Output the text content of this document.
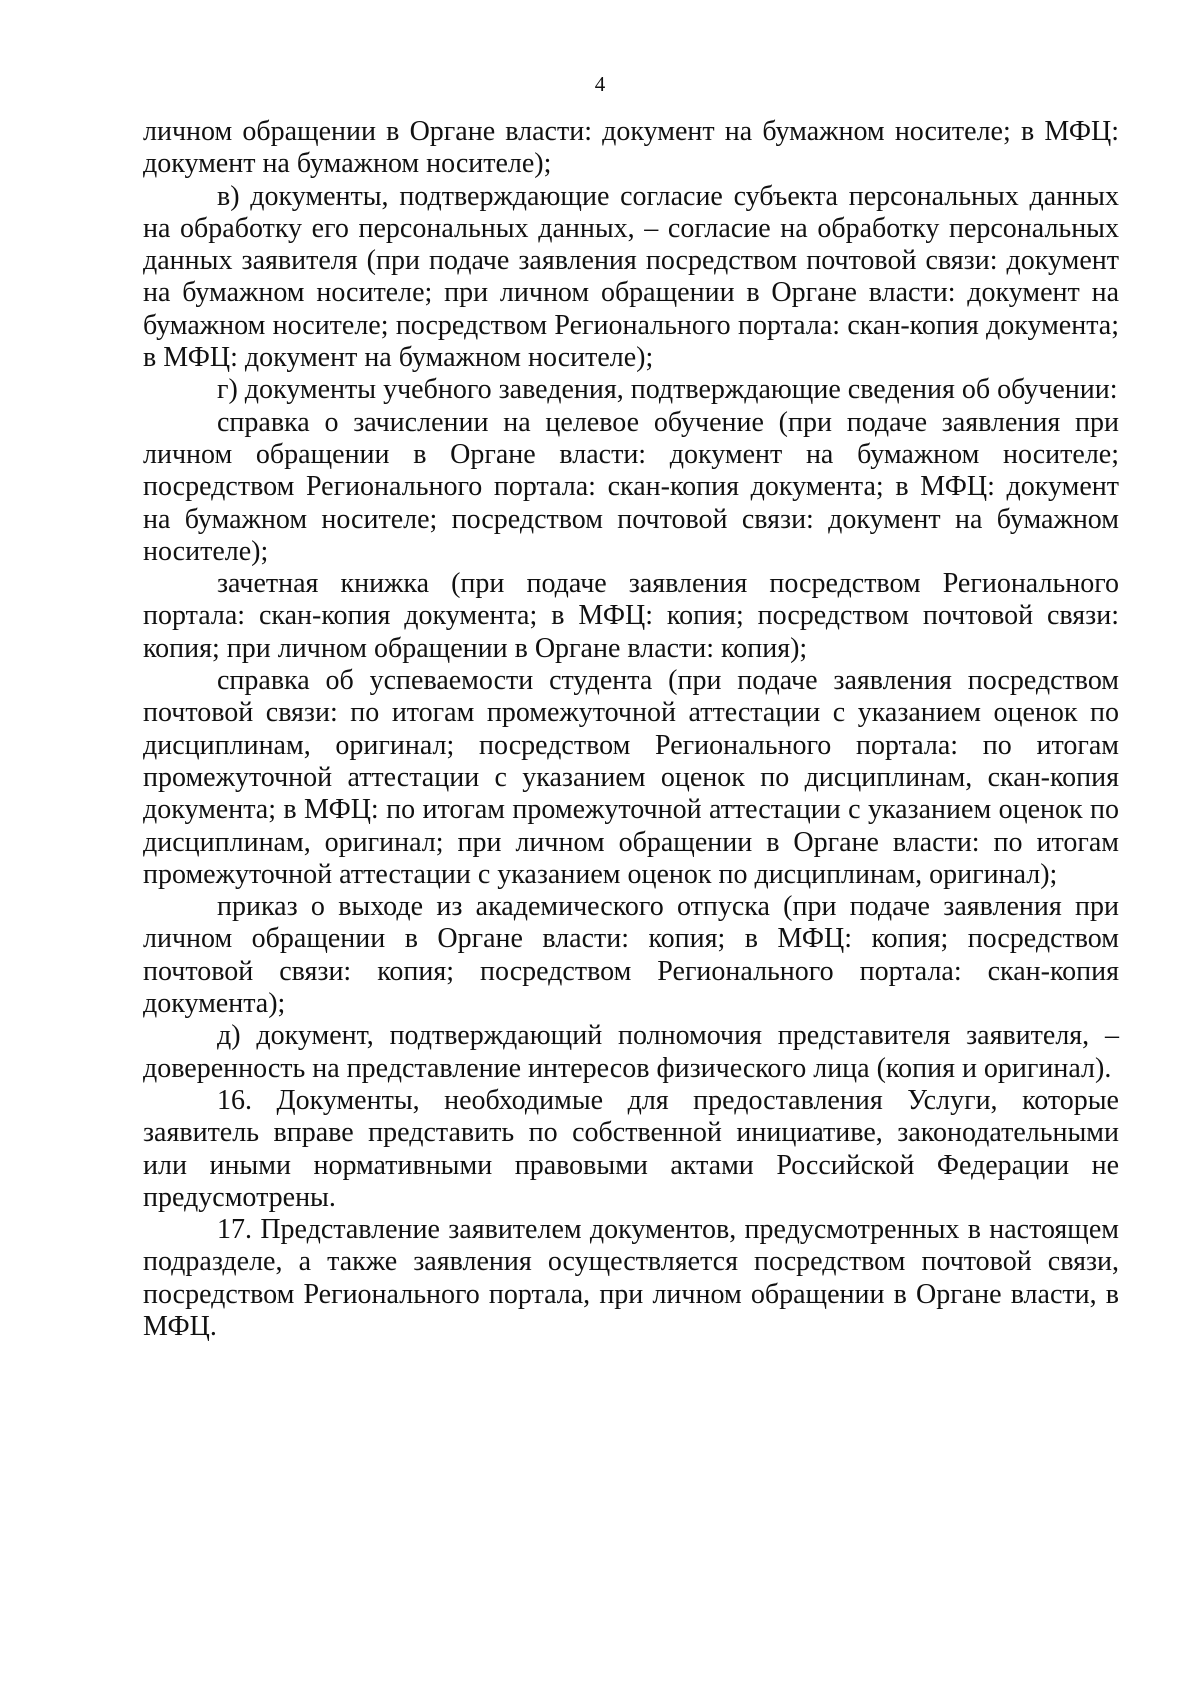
4

личном обращении в Органе власти: документ на бумажном носителе; в МФЦ: документ на бумажном носителе);

в) документы, подтверждающие согласие субъекта персональных данных на обработку его персональных данных, – согласие на обработку персональных данных заявителя (при подаче заявления посредством почтовой связи: документ на бумажном носителе; при личном обращении в Органе власти: документ на бумажном носителе; посредством Регионального портала: скан-копия документа; в МФЦ: документ на бумажном носителе);

г) документы учебного заведения, подтверждающие сведения об обучении:

справка о зачислении на целевое обучение (при подаче заявления при личном обращении в Органе власти: документ на бумажном носителе; посредством Регионального портала: скан-копия документа; в МФЦ: документ на бумажном носителе; посредством почтовой связи: документ на бумажном носителе);

зачетная книжка (при подаче заявления посредством Регионального портала: скан-копия документа; в МФЦ: копия; посредством почтовой связи: копия; при личном обращении в Органе власти: копия);

справка об успеваемости студента (при подаче заявления посредством почтовой связи: по итогам промежуточной аттестации с указанием оценок по дисциплинам, оригинал; посредством Регионального портала: по итогам промежуточной аттестации с указанием оценок по дисциплинам, скан-копия документа; в МФЦ: по итогам промежуточной аттестации с указанием оценок по дисциплинам, оригинал; при личном обращении в Органе власти: по итогам промежуточной аттестации с указанием оценок по дисциплинам, оригинал);

приказ о выходе из академического отпуска (при подаче заявления при личном обращении в Органе власти: копия; в МФЦ: копия; посредством почтовой связи: копия; посредством Регионального портала: скан-копия документа);

д) документ, подтверждающий полномочия представителя заявителя, – доверенность на представление интересов физического лица (копия и оригинал).

16. Документы, необходимые для предоставления Услуги, которые заявитель вправе представить по собственной инициативе, законодательными или иными нормативными правовыми актами Российской Федерации не предусмотрены.

17. Представление заявителем документов, предусмотренных в настоящем подразделе, а также заявления осуществляется посредством почтовой связи, посредством Регионального портала, при личном обращении в Органе власти, в МФЦ.
